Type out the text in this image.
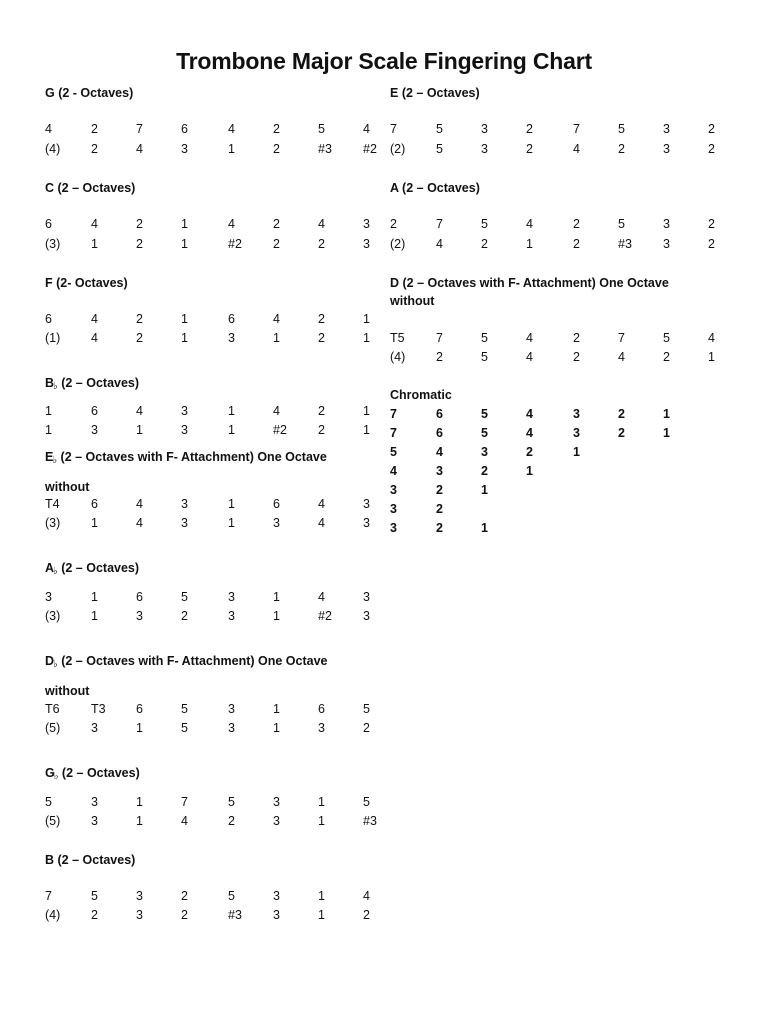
Trombone Major Scale Fingering Chart
G (2 - Octaves)
4	2	7	6	4	2	5	4
(4) 2	4	3	1	2	#3 #2
C (2 – Octaves)
6	4	2	1	4	2	4	3
(3) 1	2	1	#2 2	2	3
F (2- Octaves)
6	4	2	1	6	4	2	1
(1) 4	2	1	3	1	2	1
B♭ (2 – Octaves)
1	6	4	3	1	4	2	1
1	3	1	3	1	#2 2	1
E♭ (2 – Octaves with F- Attachment) One Octave
without
T4	6	4	3	1	6	4	3
(3) 1	4	3	1	3	4	3
A♭ (2 – Octaves)
3	1	6	5	3	1	4	3
(3) 1	3	2	3	1	#2 3
D♭ (2 – Octaves with F- Attachment) One Octave
without
T6	T3 6	5	3	1	6	5
(5) 3	1	5	3	1	3	2
G♭ (2 – Octaves)
5	3	1	7	5	3	1	5
(5) 3	1	4	2	3	1	#3
B (2 – Octaves)
7	5	3	2	5	3	1	4
(4) 2	3	2	#3 3	1	2
E (2 – Octaves)
7	5	3	2	7	5	3	2
(2) 5	3	2	4	2	3	2
A (2 – Octaves)
2	7	5	4	2	5	3	2
(2) 4	2	1	2	#3 3	2
D (2 – Octaves with F- Attachment) One Octave without
T5	7	5	4	2	7	5	4
(4) 2	5	4	2	4	2	1
Chromatic
7	6	5	4	3	2	1
7	6	5	4	3	2	1
5	4	3	2	1
4	3	2	1
3	2	1
3	2
3	2	1
